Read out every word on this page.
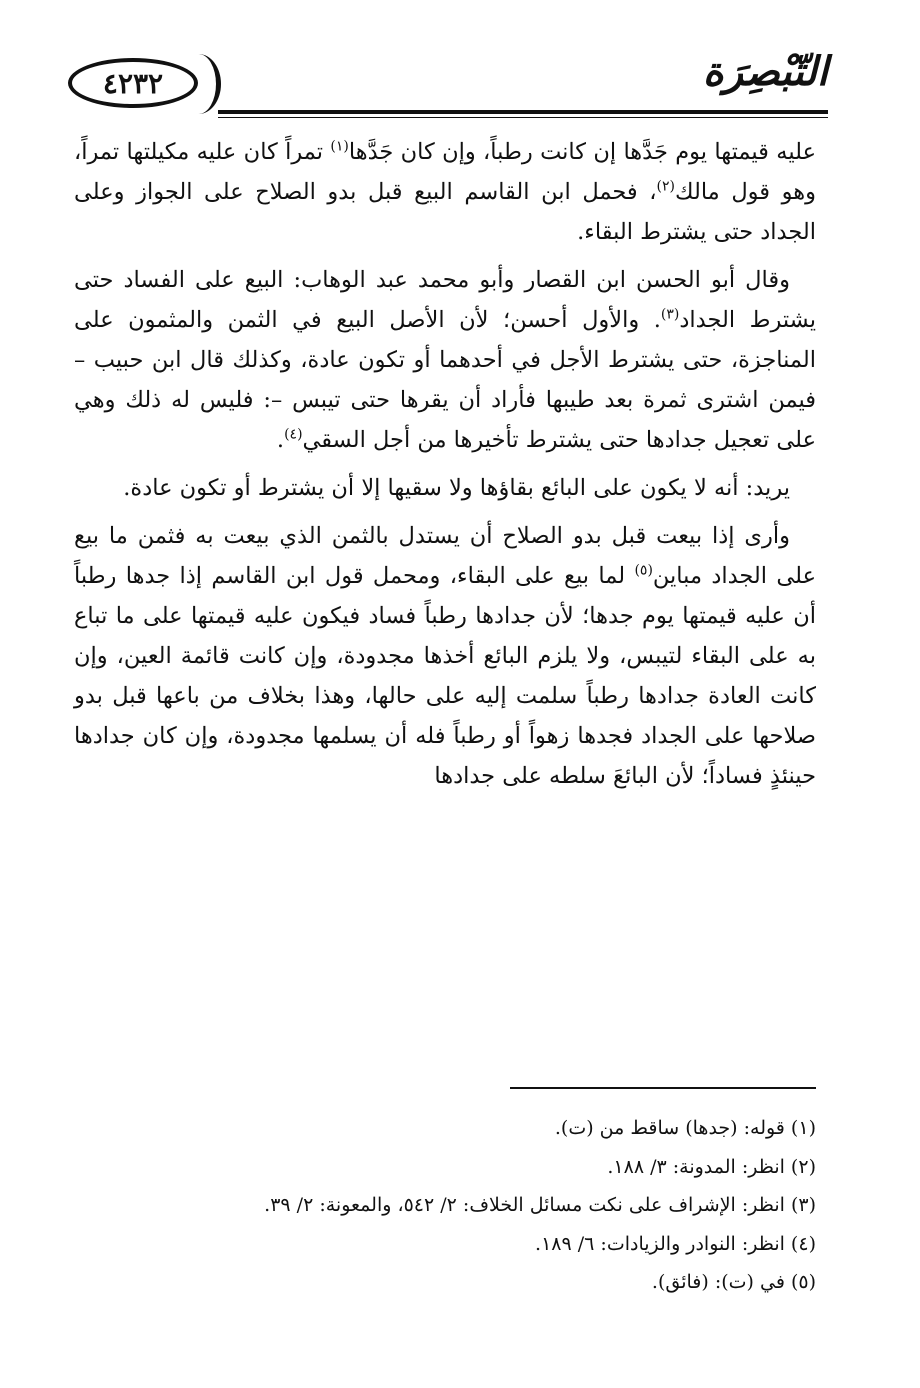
٤٢٣٢	التّبْصِرَة

عليه قيمتها يوم جَدَّها إن كانت رطباً، وإن كان جَدَّها$^{(١)}$ تمراً كان عليه مكيلتها تمراً، وهو قول مالك$^{(٢)}$، فحمل ابن القاسم البيع قبل بدو الصلاح على الجواز وعلى الجداد حتى يشترط البقاء.

وقال أبو الحسن ابن القصار وأبو محمد عبد الوهاب: البيع على الفساد حتى يشترط الجداد$^{(٣)}$. والأول أحسن؛ لأن الأصل البيع في الثمن والمثمون على المناجزة، حتى يشترط الأجل في أحدهما أو تكون عادة، وكذلك قال ابن حبيب – فيمن اشترى ثمرة بعد طيبها فأراد أن يقرها حتى تيبس –: فليس له ذلك وهي على تعجيل جدادها حتى يشترط تأخيرها من أجل السقي$^{(٤)}$.

يريد: أنه لا يكون على البائع بقاؤها ولا سقيها إلا أن يشترط أو تكون عادة.

وأرى إذا بيعت قبل بدو الصلاح أن يستدل بالثمن الذي بيعت به فثمن ما بيع على الجداد مباين$^{(٥)}$ لما بيع على البقاء، ومحمل قول ابن القاسم إذا جدها رطباً أن عليه قيمتها يوم جدها؛ لأن جدادها رطباً فساد فيكون عليه قيمتها على ما تباع به على البقاء لتيبس، ولا يلزم البائع أخذها مجدودة، وإن كانت قائمة العين، وإن كانت العادة جدادها رطباً سلمت إليه على حالها، وهذا بخلاف من باعها قبل بدو صلاحها على الجداد فجدها زهواً أو رطباً فله أن يسلمها مجدودة، وإن كان جدادها حينئذٍ فساداً؛ لأن البائعَ سلطه على جدادها

(١) قوله: (جدها) ساقط من (ت).
(٢) انظر: المدونة: ٣/ ١٨٨.
(٣) انظر: الإشراف على نكت مسائل الخلاف: ٢/ ٥٤٢، والمعونة: ٢/ ٣٩.
(٤) انظر: النوادر والزيادات: ٦/ ١٨٩.
(٥) في (ت): (فائق).
